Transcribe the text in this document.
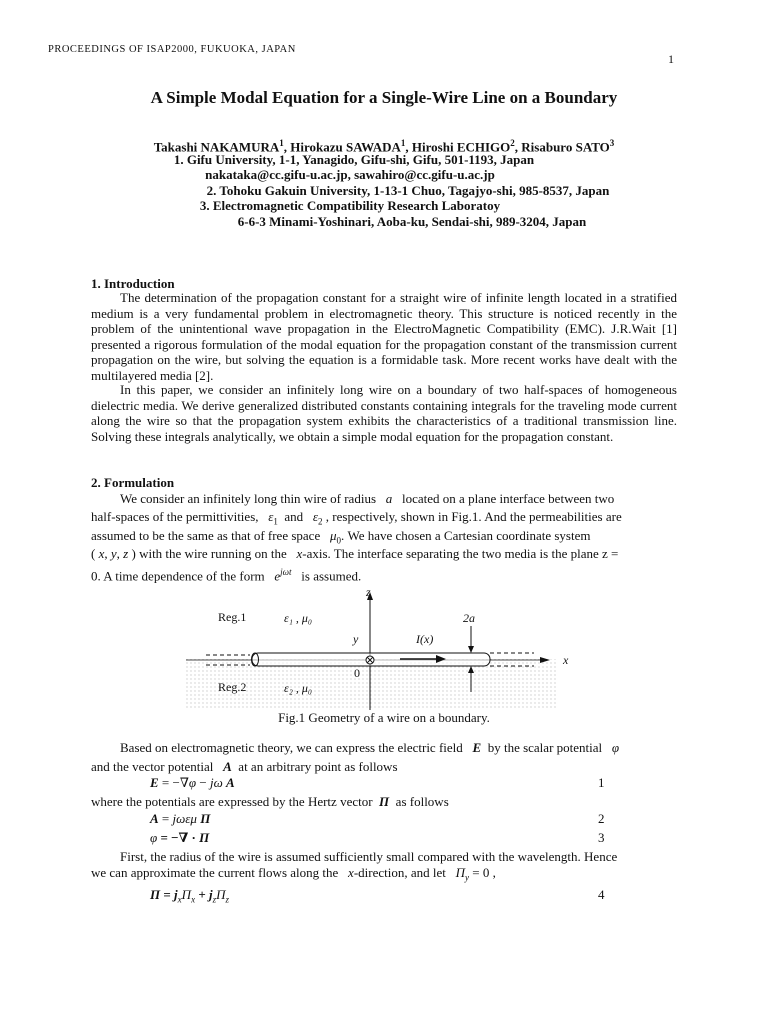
PROCEEDINGS OF ISAP2000, FUKUOKA, JAPAN
1
A Simple Modal Equation for a Single-Wire Line on a Boundary
Takashi NAKAMURA$^1$, Hirokazu SAWADA$^1$, Hiroshi ECHIGO$^2$, Risaburo SATO$^3$
1. Gifu University, 1-1, Yanagido, Gifu-shi, Gifu, 501-1193, Japan
nakataka@cc.gifu-u.ac.jp, sawahiro@cc.gifu-u.ac.jp
2. Tohoku Gakuin University, 1-13-1 Chuo, Tagajyo-shi, 985-8537, Japan
3. Electromagnetic Compatibility Research Laboratoy
6-6-3 Minami-Yoshinari, Aoba-ku, Sendai-shi, 989-3204, Japan
1. Introduction
The determination of the propagation constant for a straight wire of infinite length located in a stratified medium is a very fundamental problem in electromagnetic theory. This structure is noticed recently in the problem of the unintentional wave propagation in the ElectroMagnetic Compatibility (EMC). J.R.Wait [1] presented a rigorous formulation of the modal equation for the propagation constant of the transmission current propagation on the wire, but solving the equation is a formidable task. More recent works have dealt with the multilayered media [2].
In this paper, we consider an infinitely long wire on a boundary of two half-spaces of homogeneous dielectric media. We derive generalized distributed constants containing integrals for the traveling mode current along the wire so that the propagation system exhibits the characteristics of a traditional transmission line. Solving these integrals analytically, we obtain a simple modal equation for the propagation constant.
2. Formulation
We consider an infinitely long thin wire of radius a located on a plane interface between two
half-spaces of the permittivities, $\varepsilon_1$ and $\varepsilon_2$ , respectively, shown in Fig.1. And the permeabilities are
assumed to be the same as that of free space $\mu_0$. We have chosen a Cartesian coordinate system
( x, y, z ) with the wire running on the x-axis. The interface separating the two media is the plane z =
0. A time dependence of the form $e^{j\omega t}$ is assumed.
Reg.1	ε₁ , μ₀
Reg.2	ε₂ , μ₀
z
y
x
0
I(x)
2a
Fig.1 Geometry of a wire on a boundary.
Based on electromagnetic theory, we can express the electric field E by the scalar potential φ
and the vector potential A at an arbitrary point as follows
E = −∇φ − jω A	1
where the potentials are expressed by the Hertz vector Π as follows
A = jωεμ Π	2
φ = −∇ · Π	3
First, the radius of the wire is assumed sufficiently small compared with the wavelength. Hence
we can approximate the current flows along the x-direction, and let $\Pi_y = 0$ ,
$\Pi = j_x\Pi_x + j_z\Pi_z$	4
